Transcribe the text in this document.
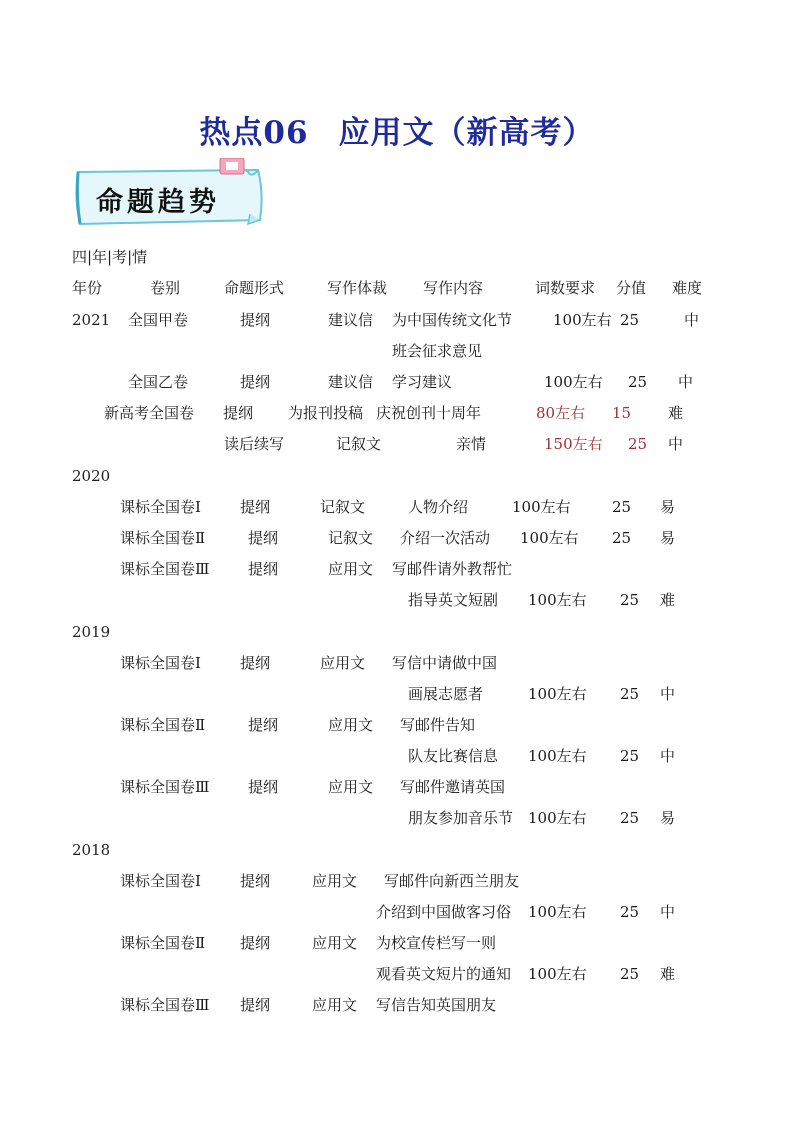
热点06 应用文（新高考）
命题趋势
四|年|考|情
年份	卷别	命题形式	写作体裁 写作内容	词数要求 分值 难度
2021 全国甲卷	提纲	建议信 为中国传统文化节	100左右 25	中
班会征求意见
全国乙卷	提纲	建议信 学习建议	100左右 25 中
新高考全国卷 提纲 为报刊投稿 庆祝创刊十周年	80左右 15 难
读后续写	记叙文	亲情	150左右 25 中
2020
课标全国卷Ⅰ	提纲	记叙文	人物介绍	100左右	25 易
课标全国卷Ⅱ	提纲	记叙文 介绍一次活动 100左右 25 易
课标全国卷Ⅲ	提纲	应用文 写邮件请外教帮忙
指导英文短剧 100左右 25 难
2019
课标全国卷Ⅰ	提纲	应用文 写信中请做中国
画展志愿者	100左右 25 中
课标全国卷Ⅱ	提纲	应用文 写邮件告知
队友比赛信息 100左右 25 中
课标全国卷Ⅲ	提纲	应用文 写邮件邀请英国
朋友参加音乐节 100左右 25 易
2018
课标全国卷Ⅰ	提纲	应用文 写邮件向新西兰朋友
介绍到中国做客习俗 100左右 25 中
课标全国卷Ⅱ 提纲	应用文 为校宣传栏写一则
观看英文短片的通知 100左右 25 难
课标全国卷Ⅲ 提纲	应用文 写信告知英国朋友
